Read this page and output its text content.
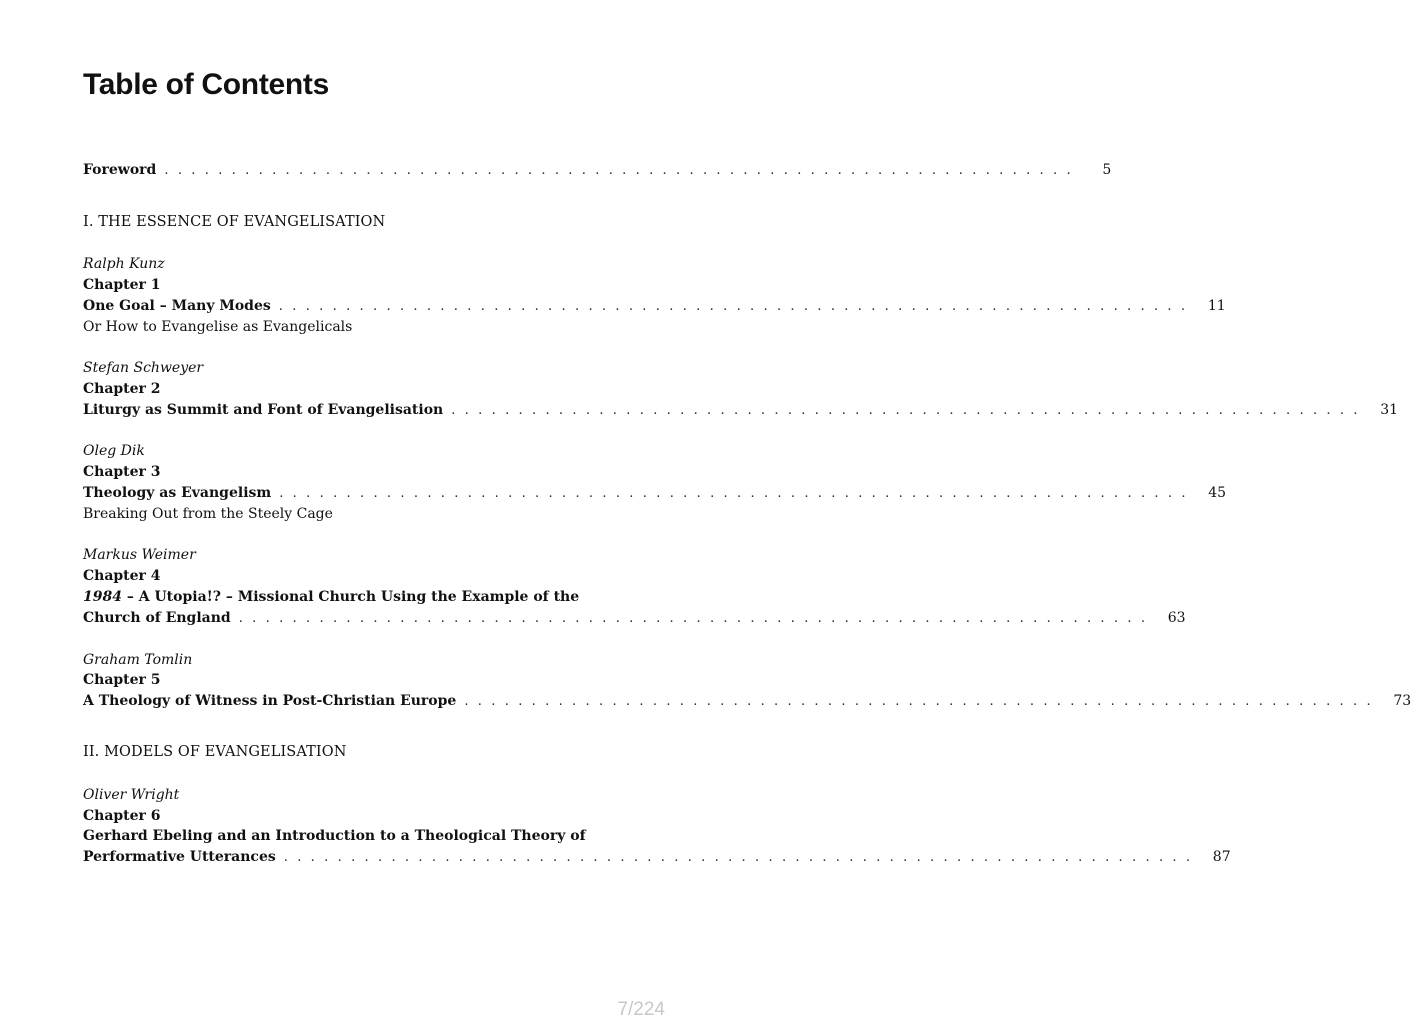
Table of Contents
Foreword . . . . . . . . . . . . . . . . . . . . . . . . . . . . . . . . . . . . . . . . . . . . . . . . . . . . . . . . . . . . . . . . . . . .	5
I. THE ESSENCE OF EVANGELISATION
Ralph Kunz
Chapter 1
One Goal – Many Modes . . . . . . . . . . . . . . . . . . . . . . . . . . . . . . . . . . . . . . . . . . . . . . . . . . . . . . . . . . . . . . . . . . . .	11
Or How to Evangelise as Evangelicals
Stefan Schweyer
Chapter 2
Liturgy as Summit and Font of Evangelisation . . . . . . . . . . . . . . . . . . . . . . . . . . . . . . . . . . . . . . . . . . . . . . . . . . . . . . . . . . . . . . . . . . . .	31
Oleg Dik
Chapter 3
Theology as Evangelism . . . . . . . . . . . . . . . . . . . . . . . . . . . . . . . . . . . . . . . . . . . . . . . . . . . . . . . . . . . . . . . . . . . .	45
Breaking Out from the Steely Cage
Markus Weimer
Chapter 4
1984 – A Utopia!? – Missional Church Using the Example of the
Church of England . . . . . . . . . . . . . . . . . . . . . . . . . . . . . . . . . . . . . . . . . . . . . . . . . . . . . . . . . . . . . . . . . . . .	63
Graham Tomlin
Chapter 5
A Theology of Witness in Post-Christian Europe . . . . . . . . . . . . . . . . . . . . . . . . . . . . . . . . . . . . . . . . . . . . . . . . . . . . . . . . . . . . . . . . . . . .	73
II. MODELS OF EVANGELISATION
Oliver Wright
Chapter 6
Gerhard Ebeling and an Introduction to a Theological Theory of
Performative Utterances . . . . . . . . . . . . . . . . . . . . . . . . . . . . . . . . . . . . . . . . . . . . . . . . . . . . . . . . . . . . . . . . . . . .	87
7/224
